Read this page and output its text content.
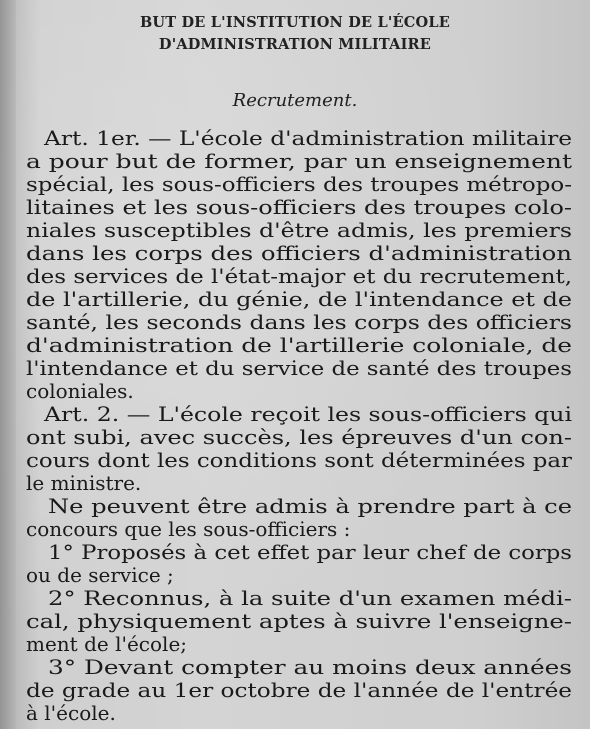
BUT DE L'INSTITUTION DE L'ÉCOLE
D'ADMINISTRATION MILITAIRE
Recrutement.
Art. 1er. — L'école d'administration militaire
a pour but de former, par un enseignement
spécial, les sous-officiers des troupes métropo-
litaines et les sous-officiers des troupes colo-
niales susceptibles d'être admis, les premiers
dans les corps des officiers d'administration
des services de l'état-major et du recrutement,
de l'artillerie, du génie, de l'intendance et de
santé, les seconds dans les corps des officiers
d'administration de l'artillerie coloniale, de
l'intendance et du service de santé des troupes
coloniales.
Art. 2. — L'école reçoit les sous-officiers qui
ont subi, avec succès, les épreuves d'un con-
cours dont les conditions sont déterminées par
le ministre.
Ne peuvent être admis à prendre part à ce
concours que les sous-officiers :
1° Proposés à cet effet par leur chef de corps
ou de service ;
2° Reconnus, à la suite d'un examen médi-
cal, physiquement aptes à suivre l'enseigne-
ment de l'école;
3° Devant compter au moins deux années
de grade au 1er octobre de l'année de l'entrée
à l'école.
